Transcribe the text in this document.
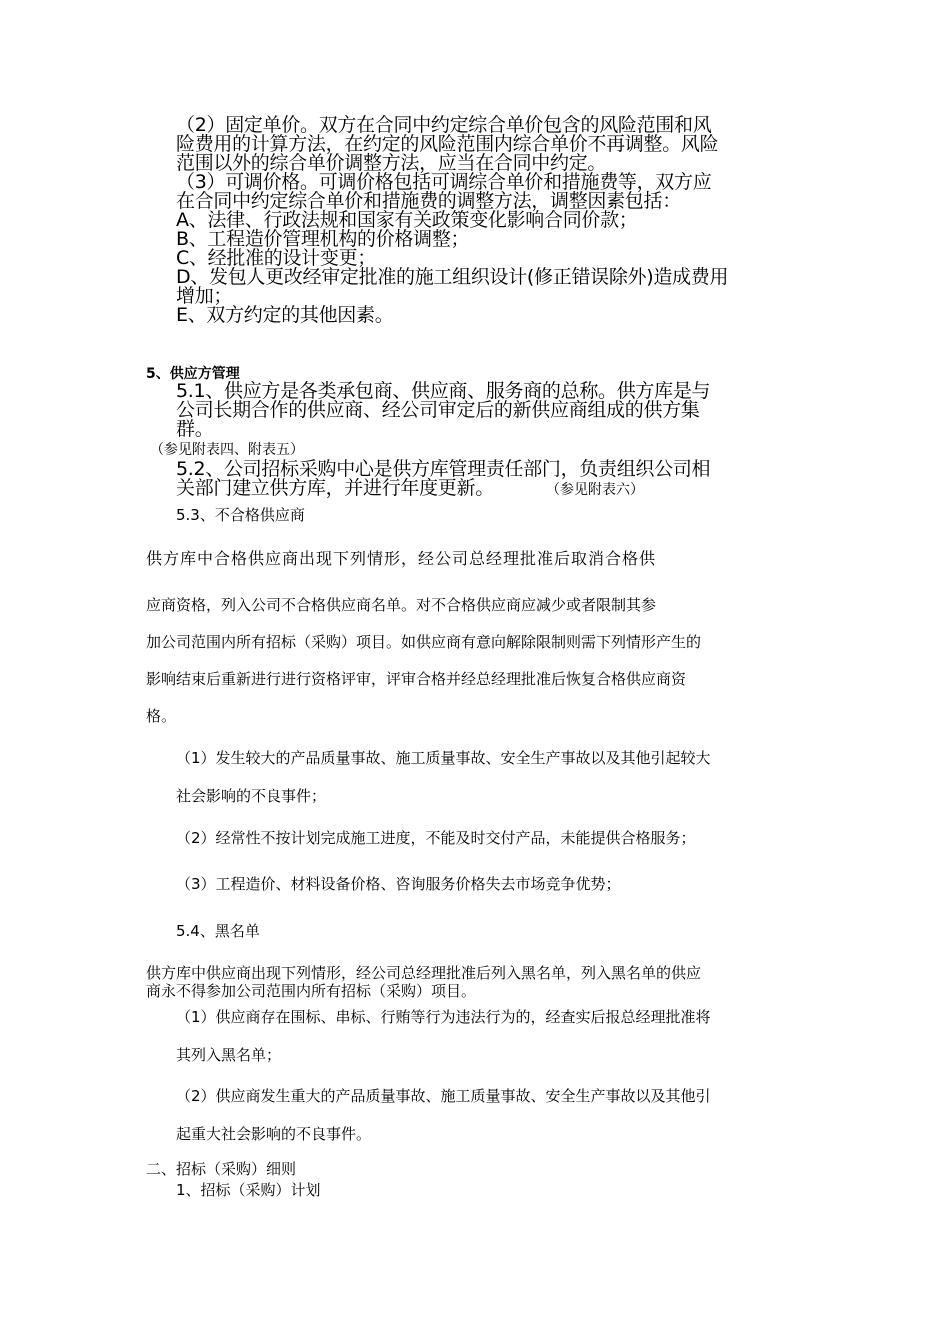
（2）固定单价。双方在合同中约定综合单价包含的风险范围和风

险费用的计算方法，在约定的风险范围内综合单价不再调整。风险

范围以外的综合单价调整方法，应当在合同中约定。

（3）可调价格。可调价格包括可调综合单价和措施费等，双方应

在合同中约定综合单价和措施费的调整方法，调整因素包括：

A、法律、行政法规和国家有关政策变化影响合同价款；

B、工程造价管理机构的价格调整；

C、经批准的设计变更；

D、发包人更改经审定批准的施工组织设计(修正错误除外)造成费用

增加；

E、双方约定的其他因素。

5、供应方管理

5.1、供应方是各类承包商、供应商、服务商的总称。供方库是与

公司长期合作的供应商、经公司审定后的新供应商组成的供方集

群。

（参见附表四、附表五）

5.2、公司招标采购中心是供方库管理责任部门，负责组织公司相

关部门建立供方库，并进行年度更新。	（参见附表六）

5.3、不合格供应商

供方库中合格供应商出现下列情形，经公司总经理批准后取消合格供

应商资格，列入公司不合格供应商名单。对不合格供应商应减少或者限制其参

加公司范围内所有招标（采购）项目。如供应商有意向解除限制则需下列情形产生的

影响结束后重新进行进行资格评审，评审合格并经总经理批准后恢复合格供应商资

格。

（1）发生较大的产品质量事故、施工质量事故、安全生产事故以及其他引起较大

社会影响的不良事件；

（2）经常性不按计划完成施工进度，不能及时交付产品，未能提供合格服务；

（3）工程造价、材料设备价格、咨询服务价格失去市场竞争优势；

5.4、黑名单

供方库中供应商出现下列情形，经公司总经理批准后列入黑名单，列入黑名单的供应

商永不得参加公司范围内所有招标（采购）项目。

（1）供应商存在围标、串标、行贿等行为违法行为的，经查实后报总经理批准将

其列入黑名单；

（2）供应商发生重大的产品质量事故、施工质量事故、安全生产事故以及其他引

起重大社会影响的不良事件。

二、招标（采购）细则

1、招标（采购）计划
